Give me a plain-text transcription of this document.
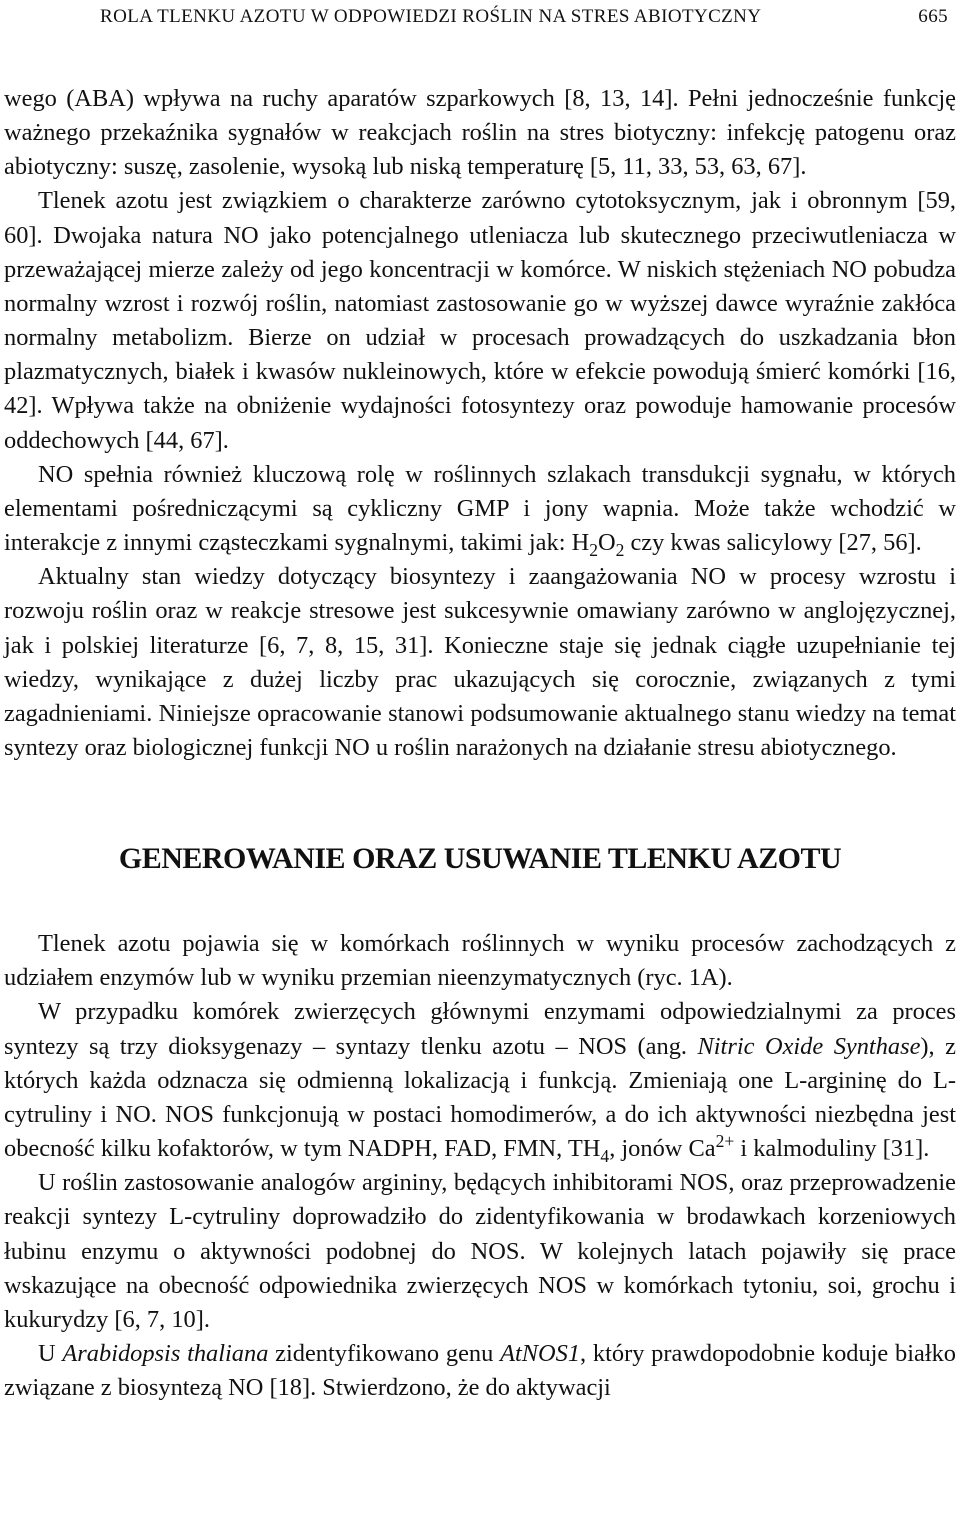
ROLA TLENKU AZOTU W ODPOWIEDZI ROŚLIN NA STRES ABIOTYCZNY	665

wego (ABA) wpływa na ruchy aparatów szparkowych [8, 13, 14]. Pełni jednocześnie funkcję ważnego przekaźnika sygnałów w reakcjach roślin na stres biotyczny: infekcję patogenu oraz abiotyczny: suszę, zasolenie, wysoką lub niską temperaturę [5, 11, 33, 53, 63, 67].

Tlenek azotu jest związkiem o charakterze zarówno cytotoksycznym, jak i obronnym [59, 60]. Dwojaka natura NO jako potencjalnego utleniacza lub skutecznego przeciwutleniacza w przeważającej mierze zależy od jego koncentracji w komórce. W niskich stężeniach NO pobudza normalny wzrost i rozwój roślin, natomiast zastosowanie go w wyższej dawce wyraźnie zakłóca normalny metabolizm. Bierze on udział w procesach prowadzących do uszkadzania błon plazmatycznych, białek i kwasów nukleinowych, które w efekcie powodują śmierć komórki [16, 42]. Wpływa także na obniżenie wydajności fotosyntezy oraz powoduje hamowanie procesów oddechowych [44, 67].

NO spełnia również kluczową rolę w roślinnych szlakach transdukcji sygnału, w których elementami pośredniczącymi są cykliczny GMP i jony wapnia. Może także wchodzić w interakcje z innymi cząsteczkami sygnalnymi, takimi jak: $H_2O_2$ czy kwas salicylowy [27, 56].

Aktualny stan wiedzy dotyczący biosyntezy i zaangażowania NO w procesy wzrostu i rozwoju roślin oraz w reakcje stresowe jest sukcesywnie omawiany zarówno w anglojęzycznej, jak i polskiej literaturze [6, 7, 8, 15, 31]. Konieczne staje się jednak ciągłe uzupełnianie tej wiedzy, wynikające z dużej liczby prac ukazujących się corocznie, związanych z tymi zagadnieniami. Niniejsze opracowanie stanowi podsumowanie aktualnego stanu wiedzy na temat syntezy oraz biologicznej funkcji NO u roślin narażonych na działanie stresu abiotycznego.

GENEROWANIE ORAZ USUWANIE TLENKU AZOTU

Tlenek azotu pojawia się w komórkach roślinnych w wyniku procesów zachodzących z udziałem enzymów lub w wyniku przemian nieenzymatycznych (ryc. 1A).

W przypadku komórek zwierzęcych głównymi enzymami odpowiedzialnymi za proces syntezy są trzy dioksygenazy – syntazy tlenku azotu – NOS (ang. Nitric Oxide Synthase), z których każda odznacza się odmienną lokalizacją i funkcją. Zmieniają one L-argininę do L-cytruliny i NO. NOS funkcjonują w postaci homodimerów, a do ich aktywności niezbędna jest obecność kilku kofaktorów, w tym NADPH, FAD, FMN, $TH_4$, jonów $Ca^{2+}$ i kalmoduliny [31].

U roślin zastosowanie analogów argininy, będących inhibitorami NOS, oraz przeprowadzenie reakcji syntezy L-cytruliny doprowadziło do zidentyfikowania w brodawkach korzeniowych łubinu enzymu o aktywności podobnej do NOS. W kolejnych latach pojawiły się prace wskazujące na obecność odpowiednika zwierzęcych NOS w komórkach tytoniu, soi, grochu i kukurydzy [6, 7, 10].

U Arabidopsis thaliana zidentyfikowano genu AtNOS1, który prawdopodobnie koduje białko związane z biosyntezą NO [18]. Stwierdzono, że do aktywacji
